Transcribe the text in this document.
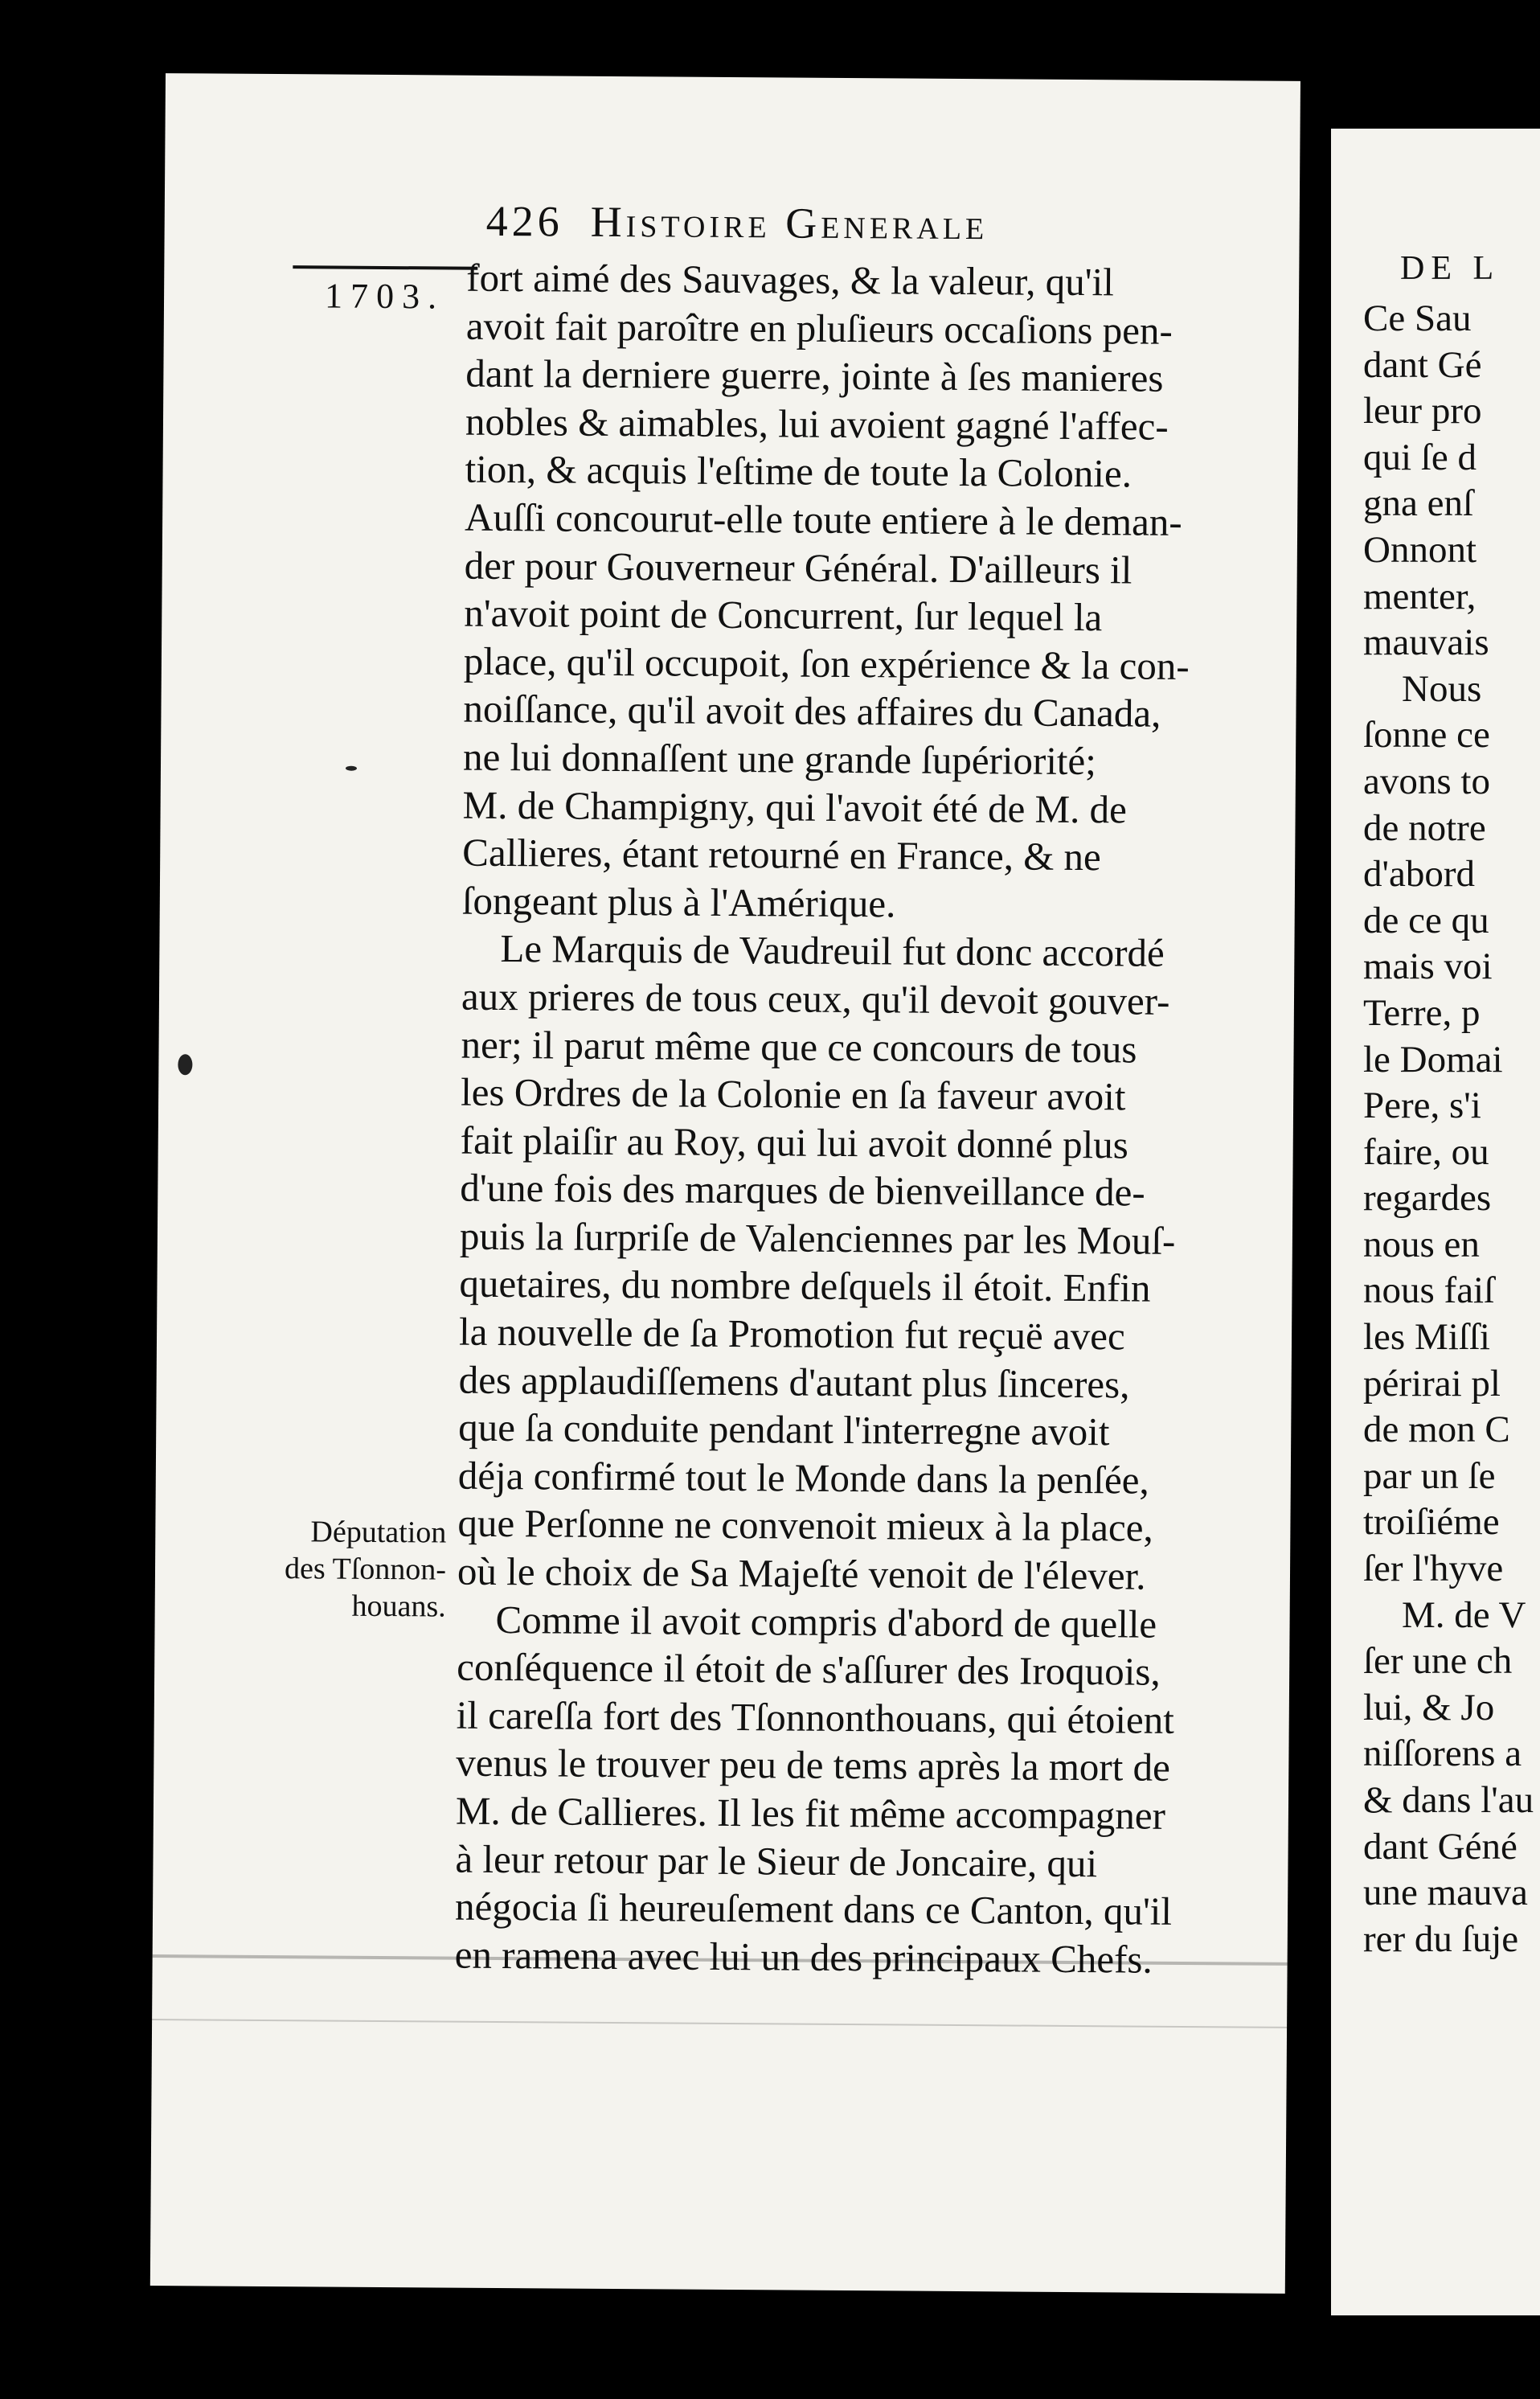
426 Histoire Generale
1703. fort aimé des Sauvages, & la valeur, qu'il
avoit fait paroître en pluſieurs occaſions pen-
dant la derniere guerre, jointe à ſes manieres
nobles & aimables, lui avoient gagné l'affec-
tion, & acquis l'eſtime de toute la Colonie.
Auſſi concourut-elle toute entiere à le deman-
der pour Gouverneur Général. D'ailleurs il
n'avoit point de Concurrent, ſur lequel la
place, qu'il occupoit, ſon expérience & la con-
noiſſance, qu'il avoit des affaires du Canada,
ne lui donnaſſent une grande ſupériorité;
M. de Champigny, qui l'avoit été de M. de
Callieres, étant retourné en France, & ne
ſongeant plus à l'Amérique.
Le Marquis de Vaudreuil fut donc accordé
aux prieres de tous ceux, qu'il devoit gouver-
ner; il parut même que ce concours de tous
les Ordres de la Colonie en ſa faveur avoit
fait plaiſir au Roy, qui lui avoit donné plus
d'une fois des marques de bienveillance de-
puis la ſurpriſe de Valenciennes par les Mouſ-
quetaires, du nombre deſquels il étoit. Enfin
la nouvelle de ſa Promotion fut reçuë avec
des applaudiſſemens d'autant plus ſinceres,
que ſa conduite pendant l'interregne avoit
déja confirmé tout le Monde dans la penſée,
que Perſonne ne convenoit mieux à la place,
où le choix de Sa Majeſté venoit de l'élever.
Comme il avoit compris d'abord de quelle
conſéquence il étoit de s'aſſurer des Iroquois,
il careſſa fort des Tſonnonthouans, qui étoient
venus le trouver peu de tems après la mort de
M. de Callieres. Il les fit même accompagner
à leur retour par le Sieur de Joncaire, qui
négocia ſi heureuſement dans ce Canton, qu'il
en ramena avec lui un des principaux Chefs.
Députation
des Tſonnon-
houans.
DE L
Ce Sau
dant Gé
leur pro
qui ſe d
gna enſ
Onnont
menter,
mauvais
Nous
ſonne ce
avons to
de notre
d'abord
de ce qu
mais voi
Terre, p
le Domai
Pere, s'i
faire, ou
regardes
nous en
nous faiſ
les Miſſi
périrai pl
de mon C
par un ſe
troiſiéme
ſer l'hyve
M. de V
ſer une ch
lui, & Jo
niſſorens a
& dans l'au
dant Géné
une mauva
rer du ſuje
